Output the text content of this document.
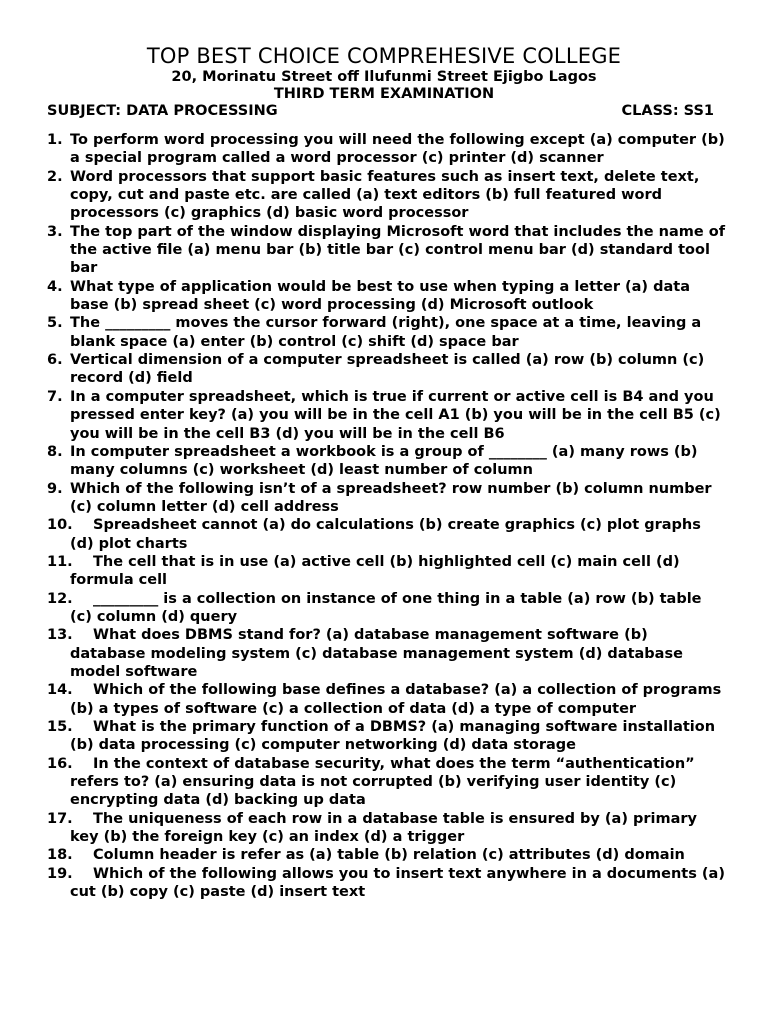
TOP BEST CHOICE COMPREHESIVE COLLEGE
20, Morinatu Street off Ilufunmi Street Ejigbo Lagos
THIRD TERM EXAMINATION
SUBJECT: DATA PROCESSING	CLASS: SS1
1. To perform word processing you will need the following except (a) computer (b) a special program called a word processor (c) printer (d) scanner
2. Word processors that support basic features such as insert text, delete text, copy, cut and paste etc. are called (a) text editors (b) full featured word processors (c) graphics (d) basic word processor
3. The top part of the window displaying Microsoft word that includes the name of the active file (a) menu bar (b) title bar (c) control menu bar (d) standard tool bar
4. What type of application would be best to use when typing a letter (a) data base (b) spread sheet (c) word processing (d) Microsoft outlook
5. The _________ moves the cursor forward (right), one space at a time, leaving a blank space (a) enter (b) control (c) shift (d) space bar
6. Vertical dimension of a computer spreadsheet is called (a) row (b) column (c) record (d) field
7. In a computer spreadsheet, which is true if current or active cell is B4 and you pressed enter key? (a) you will be in the cell A1 (b) you will be in the cell B5 (c) you will be in the cell B3 (d) you will be in the cell B6
8. In computer spreadsheet a workbook is a group of ________ (a) many rows (b) many columns (c) worksheet (d) least number of column
9. Which of the following isn’t of a spreadsheet? row number (b) column number (c) column letter (d) cell address
10.	Spreadsheet cannot (a) do calculations (b) create graphics (c) plot graphs (d) plot charts
11.	The cell that is in use (a) active cell (b) highlighted cell (c) main cell (d) formula cell
12.	_________ is a collection on instance of one thing in a table (a) row (b) table (c) column (d) query
13.	What does DBMS stand for? (a) database management software (b) database modeling system (c) database management system (d) database model software
14.	Which of the following base defines a database? (a) a collection of programs (b) a types of software (c) a collection of data (d) a type of computer
15.	What is the primary function of a DBMS? (a) managing software installation (b) data processing (c) computer networking (d) data storage
16.	In the context of database security, what does the term “authentication” refers to? (a) ensuring data is not corrupted (b) verifying user identity (c) encrypting data (d) backing up data
17.	The uniqueness of each row in a database table is ensured by (a) primary key (b) the foreign key (c) an index (d) a trigger
18.	Column header is refer as (a) table (b) relation (c) attributes (d) domain
19.	Which of the following allows you to insert text anywhere in a documents (a) cut (b) copy (c) paste (d) insert text
